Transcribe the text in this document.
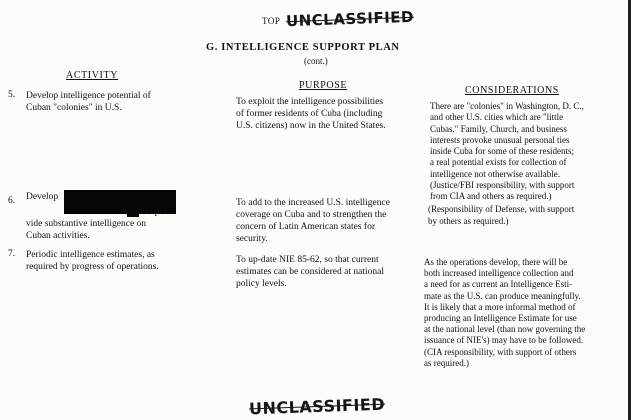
TOP UNCLASSIFIED
G. INTELLIGENCE SUPPORT PLAN
(cont.)
ACTIVITY
PURPOSE	CONSIDERATIONS
5. Develop intelligence potential of
Cuban "colonies" in U.S.
To exploit the intelligence possibilities
of former residents of Cuba (including
U.S. citizens) now in the United States.
There are "colonies" in Washington, D. C.,
and other U.S. cities which are "little
Cubas." Family, Church, and business
interests provoke unusual personal ties
inside Cuba for some of these residents;
a real potential exists for collection of
intelligence not otherwise available.
(Justice/FBI responsibility, with support
from CIA and others as required.)
6. Develop
to pro-
vide substantive intelligence on
Cuban activities.
To add to the increased U.S. intelligence
coverage on Cuba and to strengthen the
concern of Latin American states for
security.
(Responsibility of Defense, with support
by others as required.)
7. Periodic intelligence estimates, as
required by progress of operations.
To up-date NIE 85-62, so that current
estimates can be considered at national
policy levels.
As the operations develop, there will be
both increased intelligence collection and
a need for as current an Intelligence Esti-
mate as the U.S. can produce meaningfully.
It is likely that a more informal method of
producing an Intelligence Estimate for use
at the national level (than now governing the
issuance of NIE's) may have to be followed.
(CIA responsibility, with support of others
as required.)
UNCLASSIFIED
